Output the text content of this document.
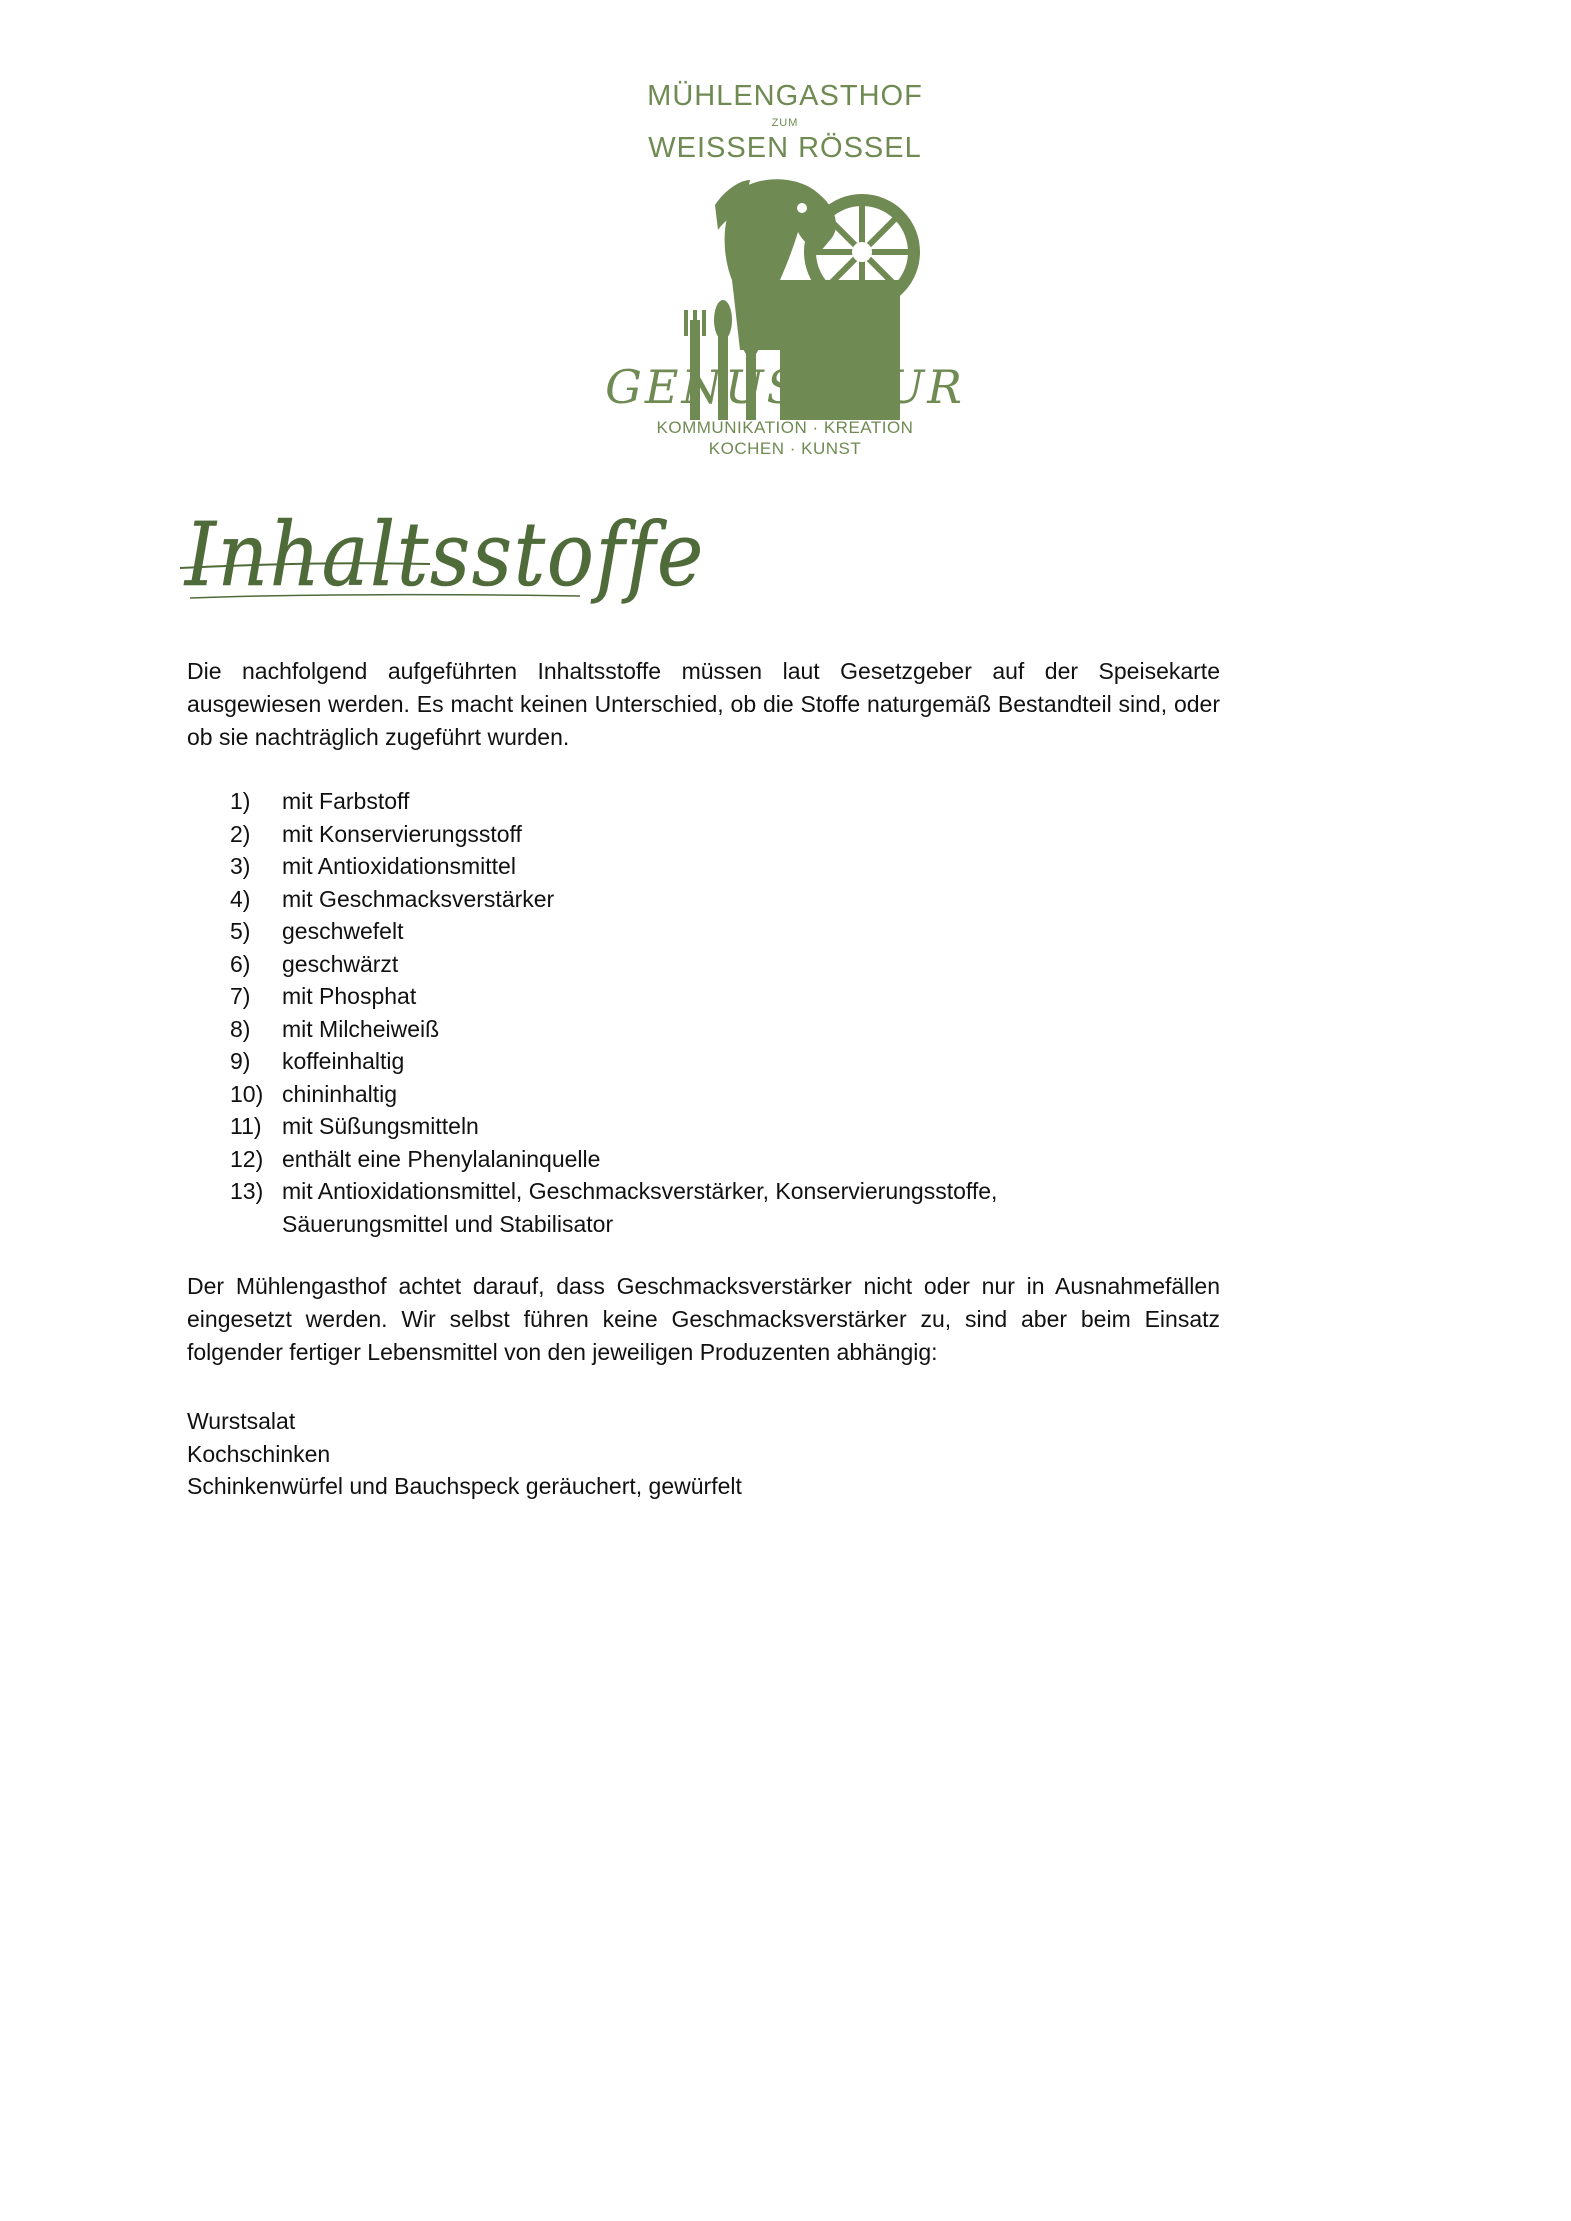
MÜHLENGASTHOF
ZUM
WEISSEN RÖSSEL
GENUSS PUR
KOMMUNIKATION · KREATION
KOCHEN · KUNST
Inhaltsstoffe

Die nachfolgend aufgeführten Inhaltsstoffe müssen laut Gesetzgeber auf der Speisekarte ausgewiesen werden. Es macht keinen Unterschied, ob die Stoffe naturgemäß Bestandteil sind, oder ob sie nachträglich zugeführt wurden.

1)	mit Farbstoff
2)	mit Konservierungsstoff
3)	mit Antioxidationsmittel
4)	mit Geschmacksverstärker
5)	geschwefelt
6)	geschwärzt
7)	mit Phosphat
8)	mit Milcheiweiß
9)	koffeinhaltig
10) chininhaltig
11) mit Süßungsmitteln
12) enthält eine Phenylalaninquelle
13) mit Antioxidationsmittel, Geschmacksverstärker, Konservierungsstoffe, Säuerungsmittel und Stabilisator

Der Mühlengasthof achtet darauf, dass Geschmacksverstärker nicht oder nur in Ausnahmefällen eingesetzt werden. Wir selbst führen keine Geschmacksverstärker zu, sind aber beim Einsatz folgender fertiger Lebensmittel von den jeweiligen Produzenten abhängig:

Wurstsalat
Kochschinken
Schinkenwürfel und Bauchspeck geräuchert, gewürfelt
